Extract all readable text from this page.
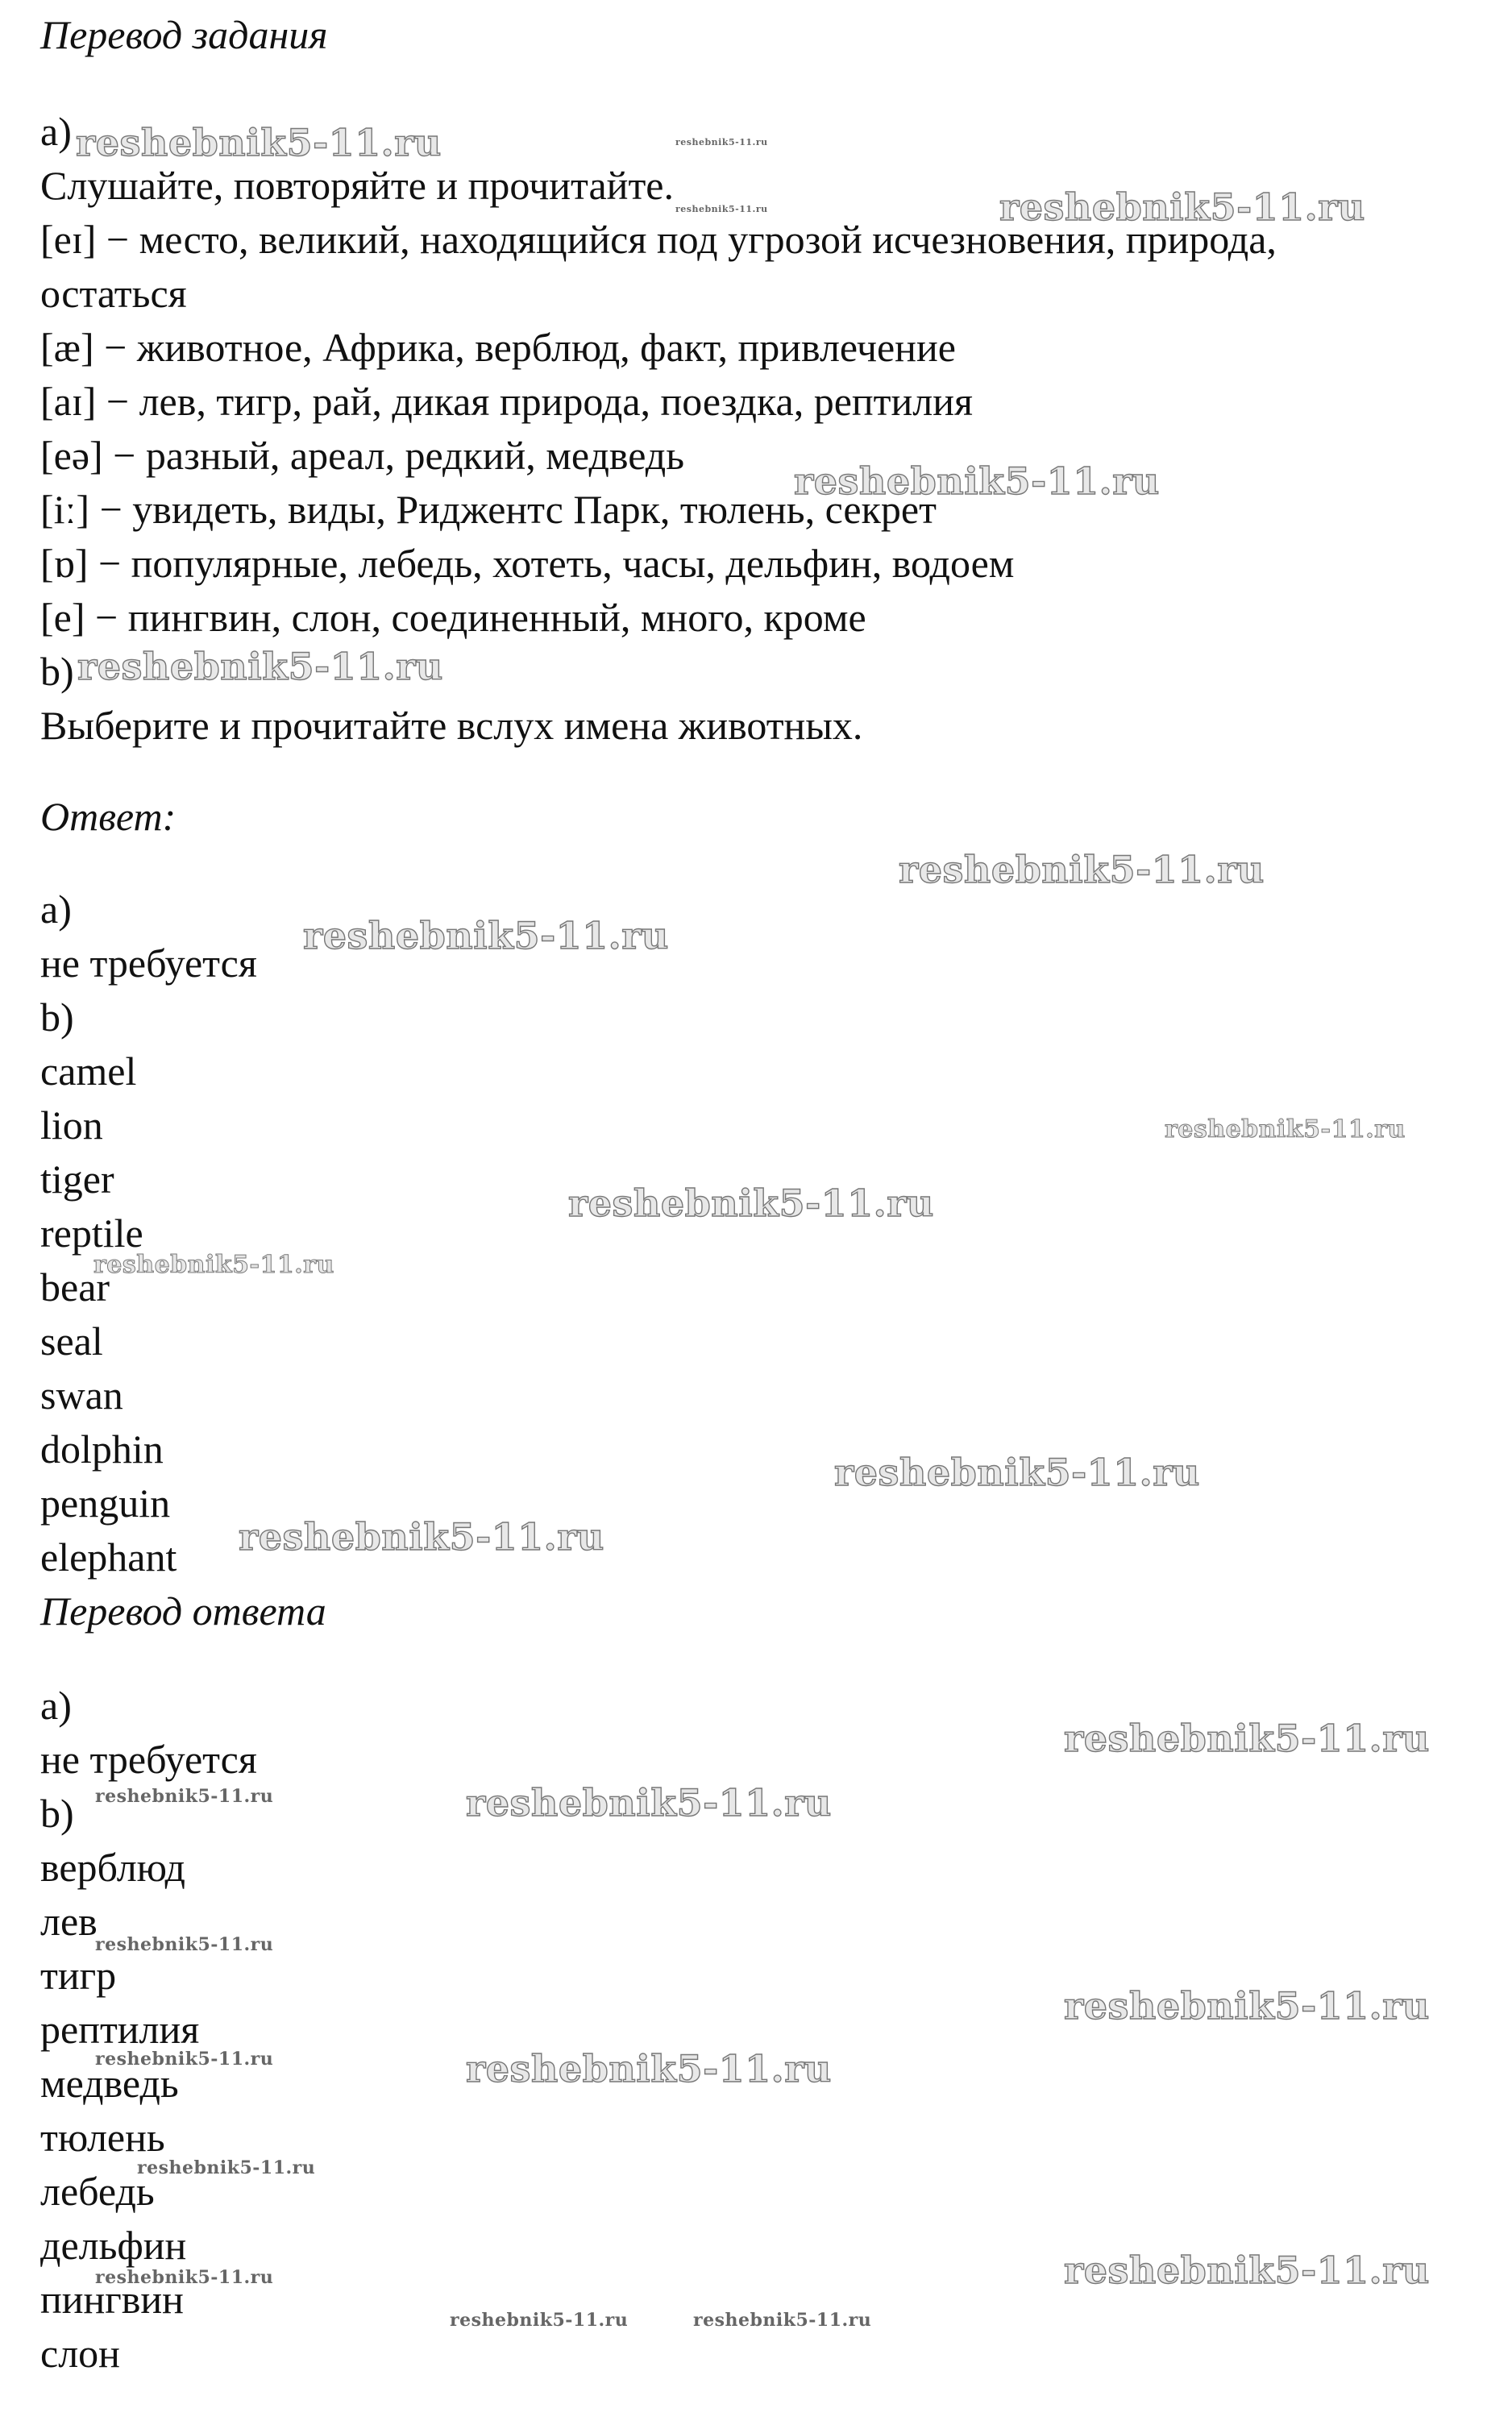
Перевод задания
a)
Слушайте, повторяйте и прочитайте.
[eɪ] − место, великий, находящийся под угрозой исчезновения, природа,
остаться
[æ] − животное, Африка, верблюд, факт, привлечение
[aɪ] − лев, тигр, рай, дикая природа, поездка, рептилия
[eə] − разный, ареал, редкий, медведь
[iː] − увидеть, виды, Риджентс Парк, тюлень, секрет
[ɒ] − популярные, лебедь, хотеть, часы, дельфин, водоем
[e] − пингвин, слон, соединенный, много, кроме
b)
Выберите и прочитайте вслух имена животных.
Ответ:
a)
не требуется
b)
camel
lion
tiger
reptile
bear
seal
swan
dolphin
penguin
elephant
Перевод ответа
a)
не требуется
b)
верблюд
лев
тигр
рептилия
медведь
тюлень
лебедь
дельфин
пингвин
слон
reshebnik5-11.ru	reshebnik5-11.ru
reshebnik5-11.ru	reshebnik5-11.ru
reshebnik5-11.ru
reshebnik5-11.ru
reshebnik5-11.ru
reshebnik5-11.ru
reshebnik5-11.ru
reshebnik5-11.ru
reshebnik5-11.ru
reshebnik5-11.ru
reshebnik5-11.ru
reshebnik5-11.ru
reshebnik5-11.ru
reshebnik5-11.ru
reshebnik5-11.ru
reshebnik5-11.ru
reshebnik5-11.ru
reshebnik5-11.ru
reshebnik5-11.ru
reshebnik5-11.ru	reshebnik5-11.ru
reshebnik5-11.ru	reshebnik5-11.ru
